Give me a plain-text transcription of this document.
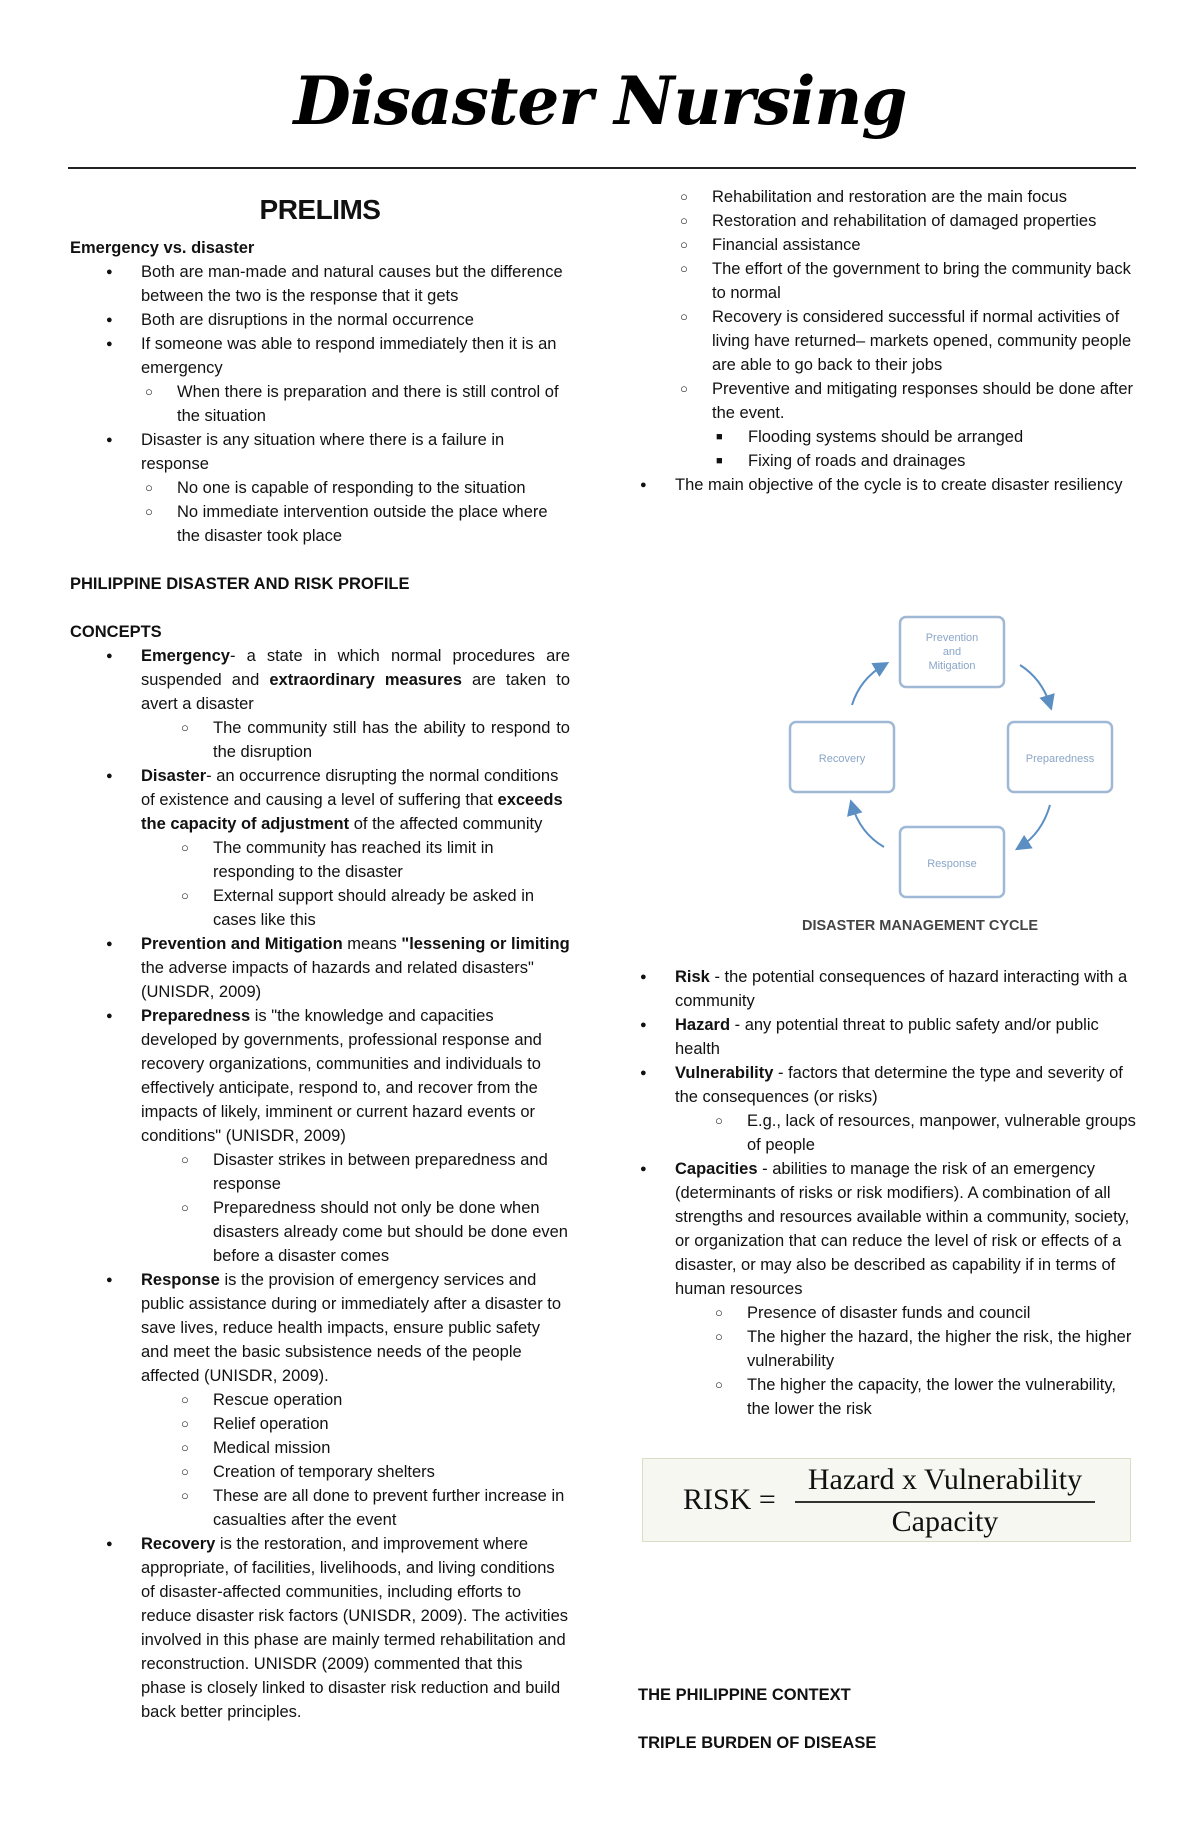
Disaster Nursing
PRELIMS
Emergency vs. disaster
● Both are man-made and natural causes but the difference between the two is the response that it gets
● Both are disruptions in the normal occurrence
● If someone was able to respond immediately then it is an emergency
○ When there is preparation and there is still control of the situation
● Disaster is any situation where there is a failure in response
○ No one is capable of responding to the situation
○ No immediate intervention outside the place where the disaster took place
PHILIPPINE DISASTER AND RISK PROFILE
CONCEPTS
● Emergency- a state in which normal procedures are suspended and extraordinary measures are taken to avert a disaster
○ The community still has the ability to respond to the disruption
● Disaster- an occurrence disrupting the normal conditions of existence and causing a level of suffering that exceeds the capacity of adjustment of the affected community
○ The community has reached its limit in responding to the disaster
○ External support should already be asked in cases like this
● Prevention and Mitigation means "lessening or limiting the adverse impacts of hazards and related disasters" (UNISDR, 2009)
● Preparedness is "the knowledge and capacities developed by governments, professional response and recovery organizations, communities and individuals to effectively anticipate, respond to, and recover from the impacts of likely, imminent or current hazard events or conditions" (UNISDR, 2009)
○ Disaster strikes in between preparedness and response
○ Preparedness should not only be done when disasters already come but should be done even before a disaster comes
● Response is the provision of emergency services and public assistance during or immediately after a disaster to save lives, reduce health impacts, ensure public safety and meet the basic subsistence needs of the people affected (UNISDR, 2009).
○ Rescue operation
○ Relief operation
○ Medical mission
○ Creation of temporary shelters
○ These are all done to prevent further increase in casualties after the event
● Recovery is the restoration, and improvement where appropriate, of facilities, livelihoods, and living conditions of disaster-affected communities, including efforts to reduce disaster risk factors (UNISDR, 2009). The activities involved in this phase are mainly termed rehabilitation and reconstruction. UNISDR (2009) commented that this phase is closely linked to disaster risk reduction and build back better principles.
○ Rehabilitation and restoration are the main focus
○ Restoration and rehabilitation of damaged properties
○ Financial assistance
○ The effort of the government to bring the community back to normal
○ Recovery is considered successful if normal activities of living have returned– markets opened, community people are able to go back to their jobs
○ Preventive and mitigating responses should be done after the event.
■ Flooding systems should be arranged
■ Fixing of roads and drainages
● The main objective of the cycle is to create disaster resiliency
Prevention
and
Mitigation
Preparedness
Response
Recovery
DISASTER MANAGEMENT CYCLE
● Risk - the potential consequences of hazard interacting with a community
● Hazard - any potential threat to public safety and/or public health
● Vulnerability - factors that determine the type and severity of the consequences (or risks)
○ E.g., lack of resources, manpower, vulnerable groups of people
● Capacities - abilities to manage the risk of an emergency (determinants of risks or risk modifiers). A combination of all strengths and resources available within a community, society, or organization that can reduce the level of risk or effects of a disaster, or may also be described as capability if in terms of human resources
○ Presence of disaster funds and council
○ The higher the hazard, the higher the risk, the higher vulnerability
○ The higher the capacity, the lower the vulnerability, the lower the risk
RISK =
Hazard x Vulnerability
Capacity
THE PHILIPPINE CONTEXT
TRIPLE BURDEN OF DISEASE
